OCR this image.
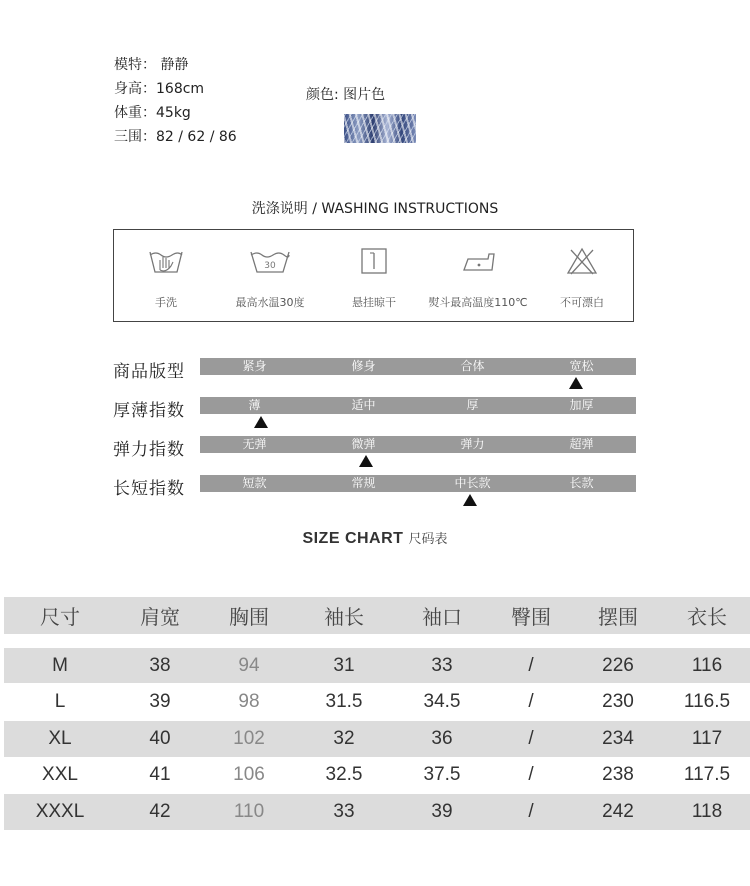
模特： 静静
身高：168cm
体重：45kg
三围：82 / 62 / 86
颜色: 图片色
洗涤说明 / WASHING INSTRUCTIONS
手洗
30
最高水温30度	悬挂晾干	熨斗最高温度110℃	不可漂白
商品版型	紧身	修身	合体	宽松
厚薄指数	薄	适中	厚	加厚
弹力指数	无弹	微弹	弹力	超弹
长短指数	短款	常规	中长款	长款
SIZE CHART 尺码表
尺寸	肩宽	胸围	袖长	袖口	臀围	摆围	衣长
M	38	94	31	33	/	226	116
L	39	98	31.5	34.5	/	230	116.5
XL	40	102	32	36	/	234	117
XXL	41	106	32.5	37.5	/	238	117.5
XXXL	42	110	33	39	/	242	118
